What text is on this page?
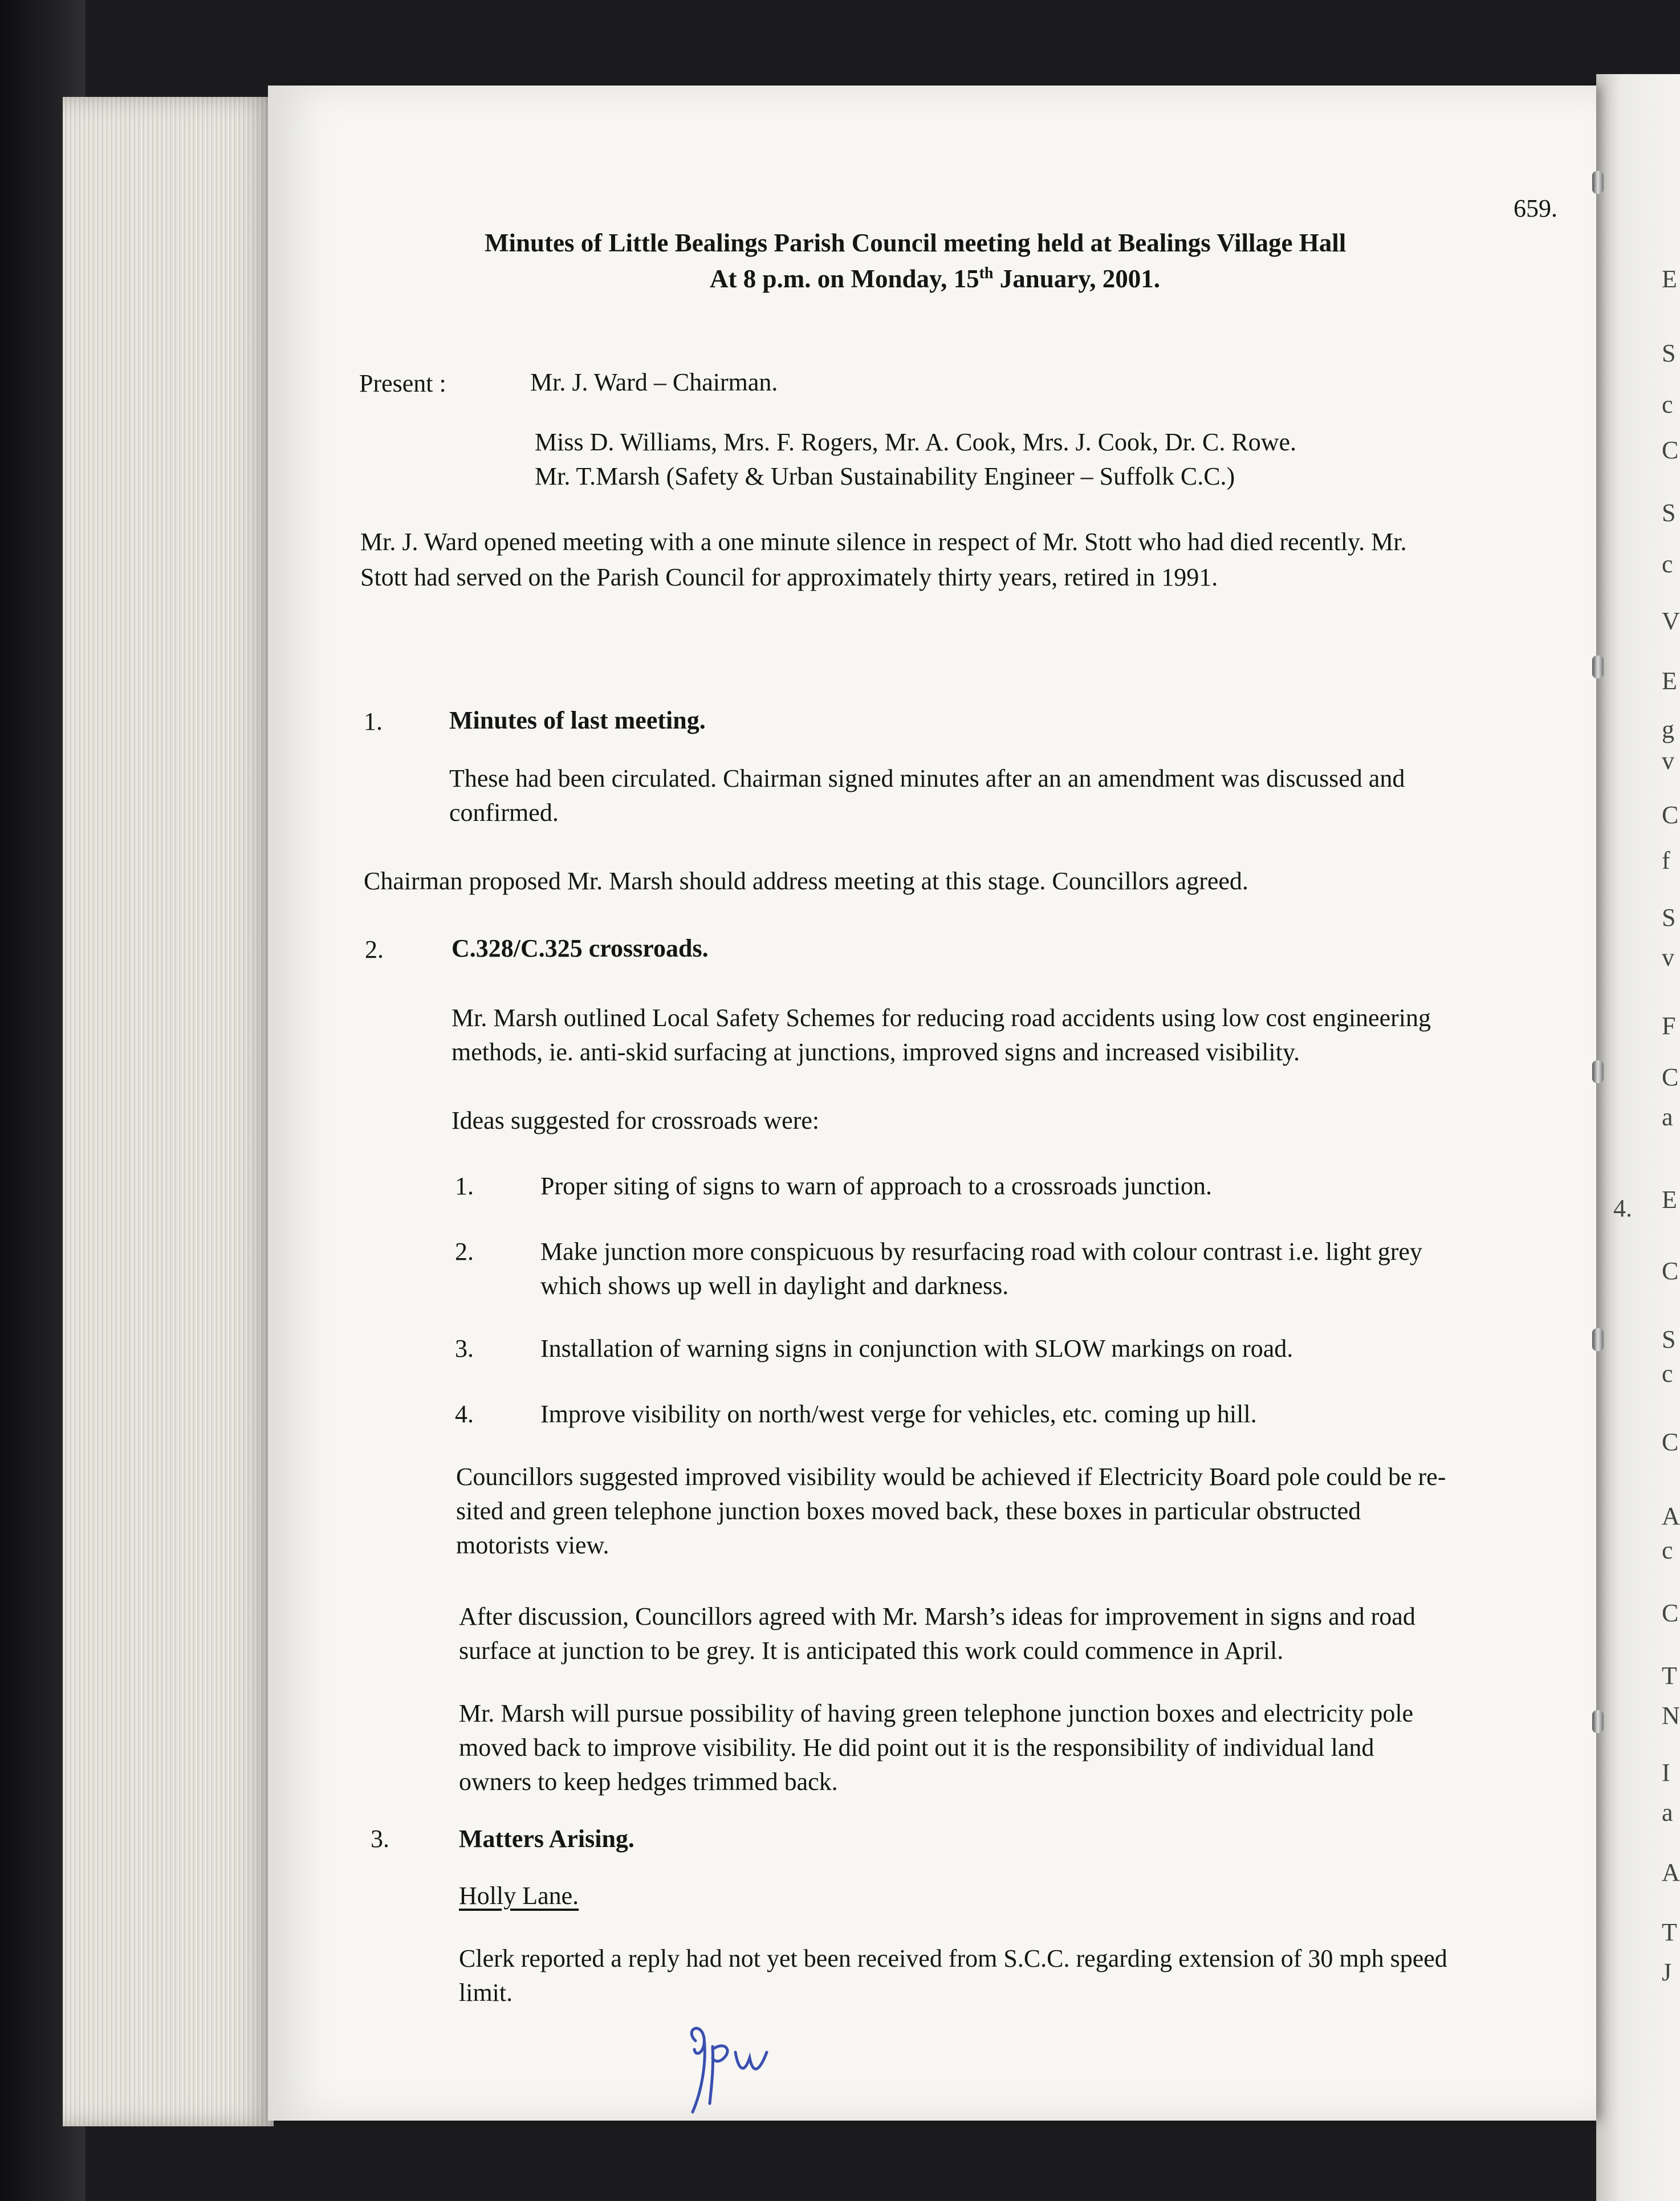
659.
Minutes of Little Bealings Parish Council meeting held at Bealings Village Hall
At 8 p.m. on Monday, 15th January, 2001.
Present :	Mr. J. Ward – Chairman.
Miss D. Williams, Mrs. F. Rogers, Mr. A. Cook, Mrs. J. Cook, Dr. C. Rowe.
Mr. T.Marsh (Safety & Urban Sustainability Engineer – Suffolk C.C.)
Mr. J. Ward opened meeting with a one minute silence in respect of Mr. Stott who had died recently. Mr.
Stott had served on the Parish Council for approximately thirty years, retired in 1991.
1.	Minutes of last meeting.
These had been circulated. Chairman signed minutes after an an amendment was discussed and
confirmed.
Chairman proposed Mr. Marsh should address meeting at this stage. Councillors agreed.
2.	C.328/C.325 crossroads.
Mr. Marsh outlined Local Safety Schemes for reducing road accidents using low cost engineering
methods, ie. anti-skid surfacing at junctions, improved signs and increased visibility.
Ideas suggested for crossroads were:
1.	Proper siting of signs to warn of approach to a crossroads junction.
2.	Make junction more conspicuous by resurfacing road with colour contrast i.e. light grey
which shows up well in daylight and darkness.
3.	Installation of warning signs in conjunction with SLOW markings on road.
4.	Improve visibility on north/west verge for vehicles, etc. coming up hill.
Councillors suggested improved visibility would be achieved if Electricity Board pole could be re-
sited and green telephone junction boxes moved back, these boxes in particular obstructed
motorists view.
After discussion, Councillors agreed with Mr. Marsh’s ideas for improvement in signs and road
surface at junction to be grey. It is anticipated this work could commence in April.
Mr. Marsh will pursue possibility of having green telephone junction boxes and electricity pole
moved back to improve visibility. He did point out it is the responsibility of individual land
owners to keep hedges trimmed back.
3.	Matters Arising.
Holly Lane.
Clerk reported a reply had not yet been received from S.C.C. regarding extension of 30 mph speed
limit.
4.
E
S
c
C
S
c
V
E
g
v
C
f
S
v
F
C
a
E
C
S
c
C
A
c
C
T
N
I
a
A
T
J
